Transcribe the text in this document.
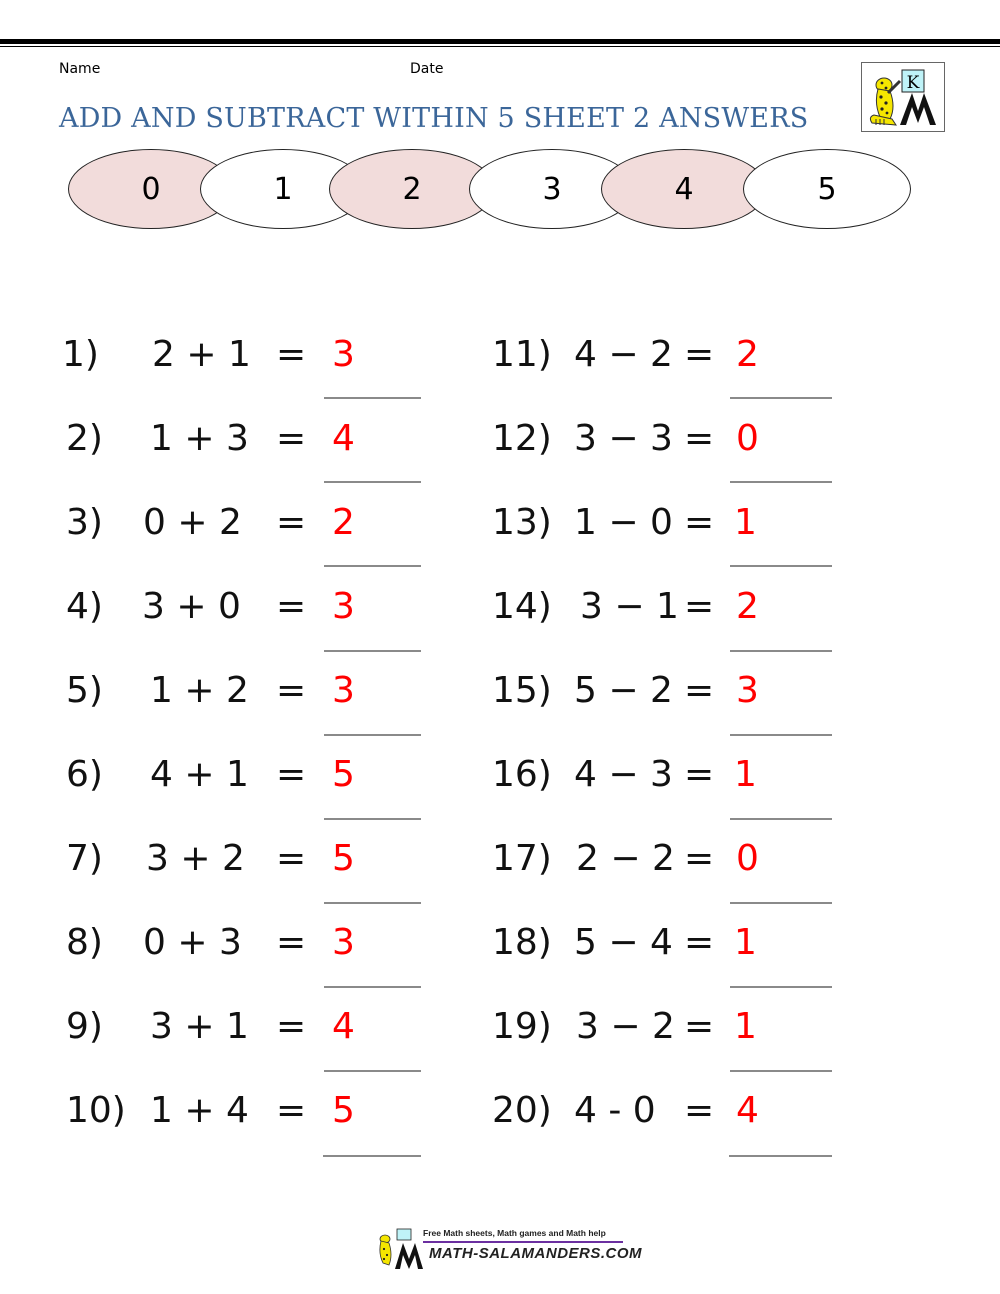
Name	Date
ADD AND SUBTRACT WITHIN 5 SHEET 2 ANSWERS
K
0	1	2	3	4	5
1) 2 + 1 = 3
2) 1 + 3 = 4
3) 0 + 2 = 2
4) 3 + 0 = 3
5) 1 + 2 = 3
6) 4 + 1 = 5
7) 3 + 2 = 5
8) 0 + 3 = 3
9) 3 + 1 = 4
10) 1 + 4 = 5
11) 4 − 2 = 2
12) 3 − 3 = 0
13) 1 − 0 = 1
14) 3 − 1 = 2
15) 5 − 2 = 3
16) 4 − 3 = 1
17) 2 − 2 = 0
18) 5 − 4 = 1
19) 3 − 2 = 1
20) 4 - 0 = 4
Free Math sheets, Math games and Math help
MATH-SALAMANDERS.COM
